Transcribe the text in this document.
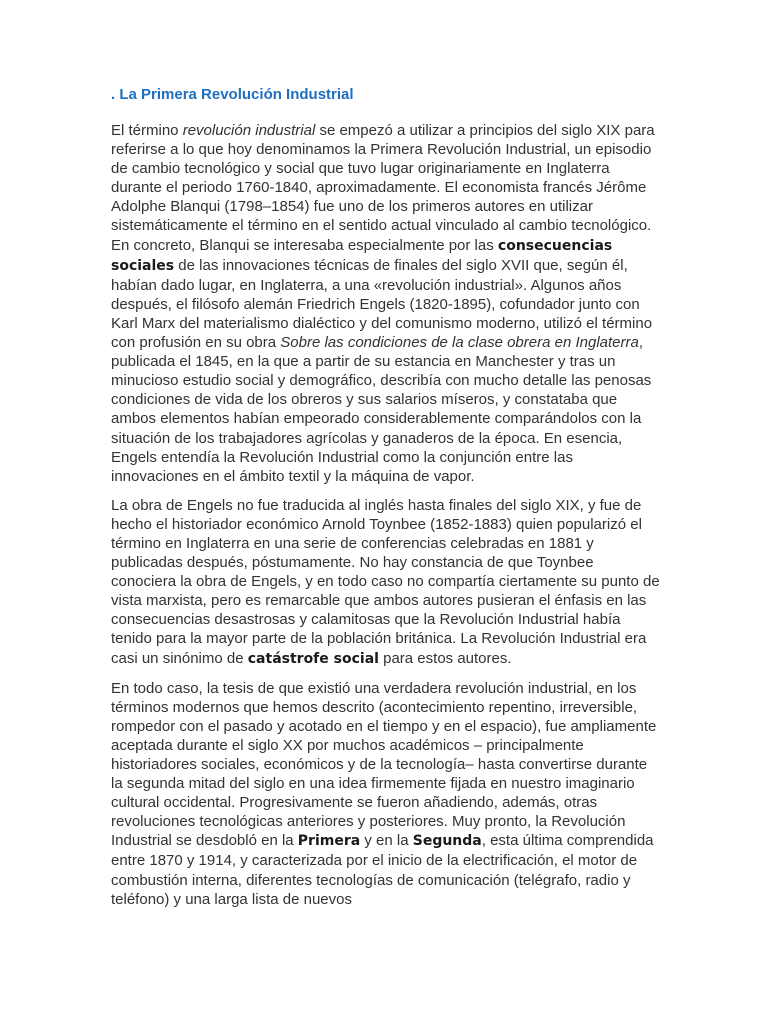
. La Primera Revolución Industrial

El término revolución industrial se empezó a utilizar a principios del siglo XIX para referirse a lo que hoy denominamos la Primera Revolución Industrial, un episodio de cambio tecnológico y social que tuvo lugar originariamente en Inglaterra durante el periodo 1760-1840, aproximadamente. El economista francés Jérôme Adolphe Blanqui (1798–1854) fue uno de los primeros autores en utilizar sistemáticamente el término en el sentido actual vinculado al cambio tecnológico. En concreto, Blanqui se interesaba especialmente por las consecuencias sociales de las innovaciones técnicas de finales del siglo XVII que, según él, habían dado lugar, en Inglaterra, a una «revolución industrial». Algunos años después, el filósofo alemán Friedrich Engels (1820-1895), cofundador junto con Karl Marx del materialismo dialéctico y del comunismo moderno, utilizó el término con profusión en su obra Sobre las condiciones de la clase obrera en Inglaterra, publicada el 1845, en la que a partir de su estancia en Manchester y tras un minucioso estudio social y demográfico, describía con mucho detalle las penosas condiciones de vida de los obreros y sus salarios míseros, y constataba que ambos elementos habían empeorado considerablemente comparándolos con la situación de los trabajadores agrícolas y ganaderos de la época. En esencia, Engels entendía la Revolución Industrial como la conjunción entre las innovaciones en el ámbito textil y la máquina de vapor.

La obra de Engels no fue traducida al inglés hasta finales del siglo XIX, y fue de hecho el historiador económico Arnold Toynbee (1852-1883) quien popularizó el término en Inglaterra en una serie de conferencias celebradas en 1881 y publicadas después, póstumamente. No hay constancia de que Toynbee conociera la obra de Engels, y en todo caso no compartía ciertamente su punto de vista marxista, pero es remarcable que ambos autores pusieran el énfasis en las consecuencias desastrosas y calamitosas que la Revolución Industrial había tenido para la mayor parte de la población británica. La Revolución Industrial era casi un sinónimo de catástrofe social para estos autores.

En todo caso, la tesis de que existió una verdadera revolución industrial, en los términos modernos que hemos descrito (acontecimiento repentino, irreversible, rompedor con el pasado y acotado en el tiempo y en el espacio), fue ampliamente aceptada durante el siglo XX por muchos académicos – principalmente historiadores sociales, económicos y de la tecnología– hasta convertirse durante la segunda mitad del siglo en una idea firmemente fijada en nuestro imaginario cultural occidental. Progresivamente se fueron añadiendo, además, otras revoluciones tecnológicas anteriores y posteriores. Muy pronto, la Revolución Industrial se desdobló en la Primera y en la Segunda, esta última comprendida entre 1870 y 1914, y caracterizada por el inicio de la electrificación, el motor de combustión interna, diferentes tecnologías de comunicación (telégrafo, radio y teléfono) y una larga lista de nuevos
